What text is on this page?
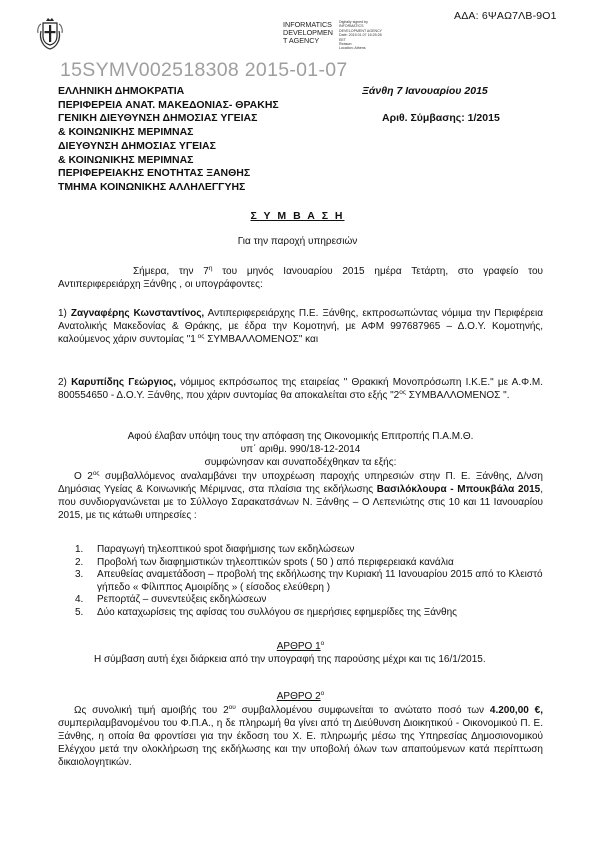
ΑΔΑ: 6ΨΑΩ7ΛΒ-9Ο1
INFORMATICS
DEVELOPMEN
T AGENCY
Digitally signed by
INFORMATICS
DEVELOPMENT AGENCY
Date: 2015.01.07 16:25:28
EET
Reason:
Location: Athens
15SYMV002518308 2015-01-07
ΕΛΛΗΝΙΚΗ ΔΗΜΟΚΡΑΤΙΑ
ΠΕΡΙΦΕΡΕΙΑ ΑΝΑΤ. ΜΑΚΕΔΟΝΙΑΣ- ΘΡΑΚΗΣ
ΓΕΝΙΚΗ ΔΙΕΥΘΥΝΣΗ ΔΗΜΟΣΙΑΣ ΥΓΕΙΑΣ
& ΚΟΙΝΩΝΙΚΗΣ ΜΕΡΙΜΝΑΣ
ΔΙΕΥΘΥΝΣΗ ΔΗΜΟΣΙΑΣ ΥΓΕΙΑΣ
& ΚΟΙΝΩΝΙΚΗΣ ΜΕΡΙΜΝΑΣ
ΠΕΡΙΦΕΡΕΙΑΚΗΣ ΕΝΟΤΗΤΑΣ ΞΑΝΘΗΣ
ΤΜΗΜΑ ΚΟΙΝΩΝΙΚΗΣ ΑΛΛΗΛΕΓΓΥΗΣ
Ξάνθη 7 Ιανουαρίου 2015
Αριθ. Σύμβασης: 1/2015
Σ Υ Μ Β Α Σ Η
Για την παροχή υπηρεσιών
Σήμερα, την $7^\eta$ του μηνός Ιανουαρίου 2015 ημέρα Τετάρτη, στο γραφείο του Αντιπεριφερειάρχη Ξάνθης , οι υπογράφοντες:
1) Ζαγναφέρης Κωνσταντίνος, Αντιπεριφερειάρχης Π.Ε. Ξάνθης, εκπροσωπώντας νόμιμα την Περιφέρεια Ανατολικής Μακεδονίας & Θράκης, με έδρα την Κομοτηνή, με ΑΦΜ 997687965 – Δ.Ο.Υ. Κομοτηνής, καλούμενος χάριν συντομίας "1 $^{o\varsigma}$ ΣΥΜΒΑΛΛΟΜΕΝΟΣ" και
2) Καρυπίδης Γεώργιος, νόμιμος εκπρόσωπος της εταιρείας " Θρακική Μονοπρόσωπη Ι.Κ.Ε." με Α.Φ.Μ. 800554650 - Δ.Ο.Υ. Ξάνθης, που χάριν συντομίας θα αποκαλείται στο εξής "$2^{o\varsigma}$ ΣΥΜΒΑΛΛΟΜΕΝΟΣ ".
Αφού έλαβαν υπόψη τους την απόφαση της Οικονομικής Επιτροπής Π.Α.Μ.Θ.
υπ΄ αριθμ. 990/18-12-2014
συμφώνησαν και συναποδέχθηκαν τα εξής:
Ο $2^{o\varsigma}$ συμβαλλόμενος αναλαμβάνει την υποχρέωση παροχής υπηρεσιών στην Π. Ε. Ξάνθης, Δ/νση Δημόσιας Υγείας & Κοινωνικής Μέριμνας, στα πλαίσια της εκδήλωσης Βασιλόκλουρα - Μπουκβάλα 2015, που συνδιοργανώνεται με το Σύλλογο Σαρακατσάνων Ν. Ξάνθης – Ο Λεπενιώτης στις 10 και 11 Ιανουαρίου 2015, με τις κάτωθι υπηρεσίες :
1.	Παραγωγή τηλεοπτικού spot διαφήμισης των εκδηλώσεων
2.	Προβολή των διαφημιστικών τηλεοπτικών spots ( 50 ) από περιφερειακά κανάλια
3.	Απευθείας αναμετάδοση – προβολή της εκδήλωσης την Κυριακή 11 Ιανουαρίου 2015 από το Κλειστό γήπεδο « Φίλιππος Αμοιρίδης » ( είσοδος ελεύθερη )
4.	Ρεπορτάζ – συνεντεύξεις εκδηλώσεων
5.	Δύο καταχωρίσεις της αφίσας του συλλόγου σε ημερήσιες εφημερίδες της Ξάνθης
ΑΡΘΡΟ $1^o$
Η σύμβαση αυτή έχει διάρκεια από την υπογραφή της παρούσης μέχρι και τις 16/1/2015.
ΑΡΘΡΟ $2^o$
Ως συνολική τιμή αμοιβής του $2^{o\upsilon}$ συμβαλλομένου συμφωνείται το ανώτατο ποσό των 4.200,00 €, συμπεριλαμβανομένου του Φ.Π.Α., η δε πληρωμή θα γίνει από τη Διεύθυνση Διοικητικού - Οικονομικού Π. Ε. Ξάνθης, η οποία θα φροντίσει για την έκδοση του Χ. Ε. πληρωμής μέσω της Υπηρεσίας Δημοσιονομικού Ελέγχου μετά την ολοκλήρωση της εκδήλωσης και την υποβολή όλων των απαιτούμενων κατά περίπτωση δικαιολογητικών.
